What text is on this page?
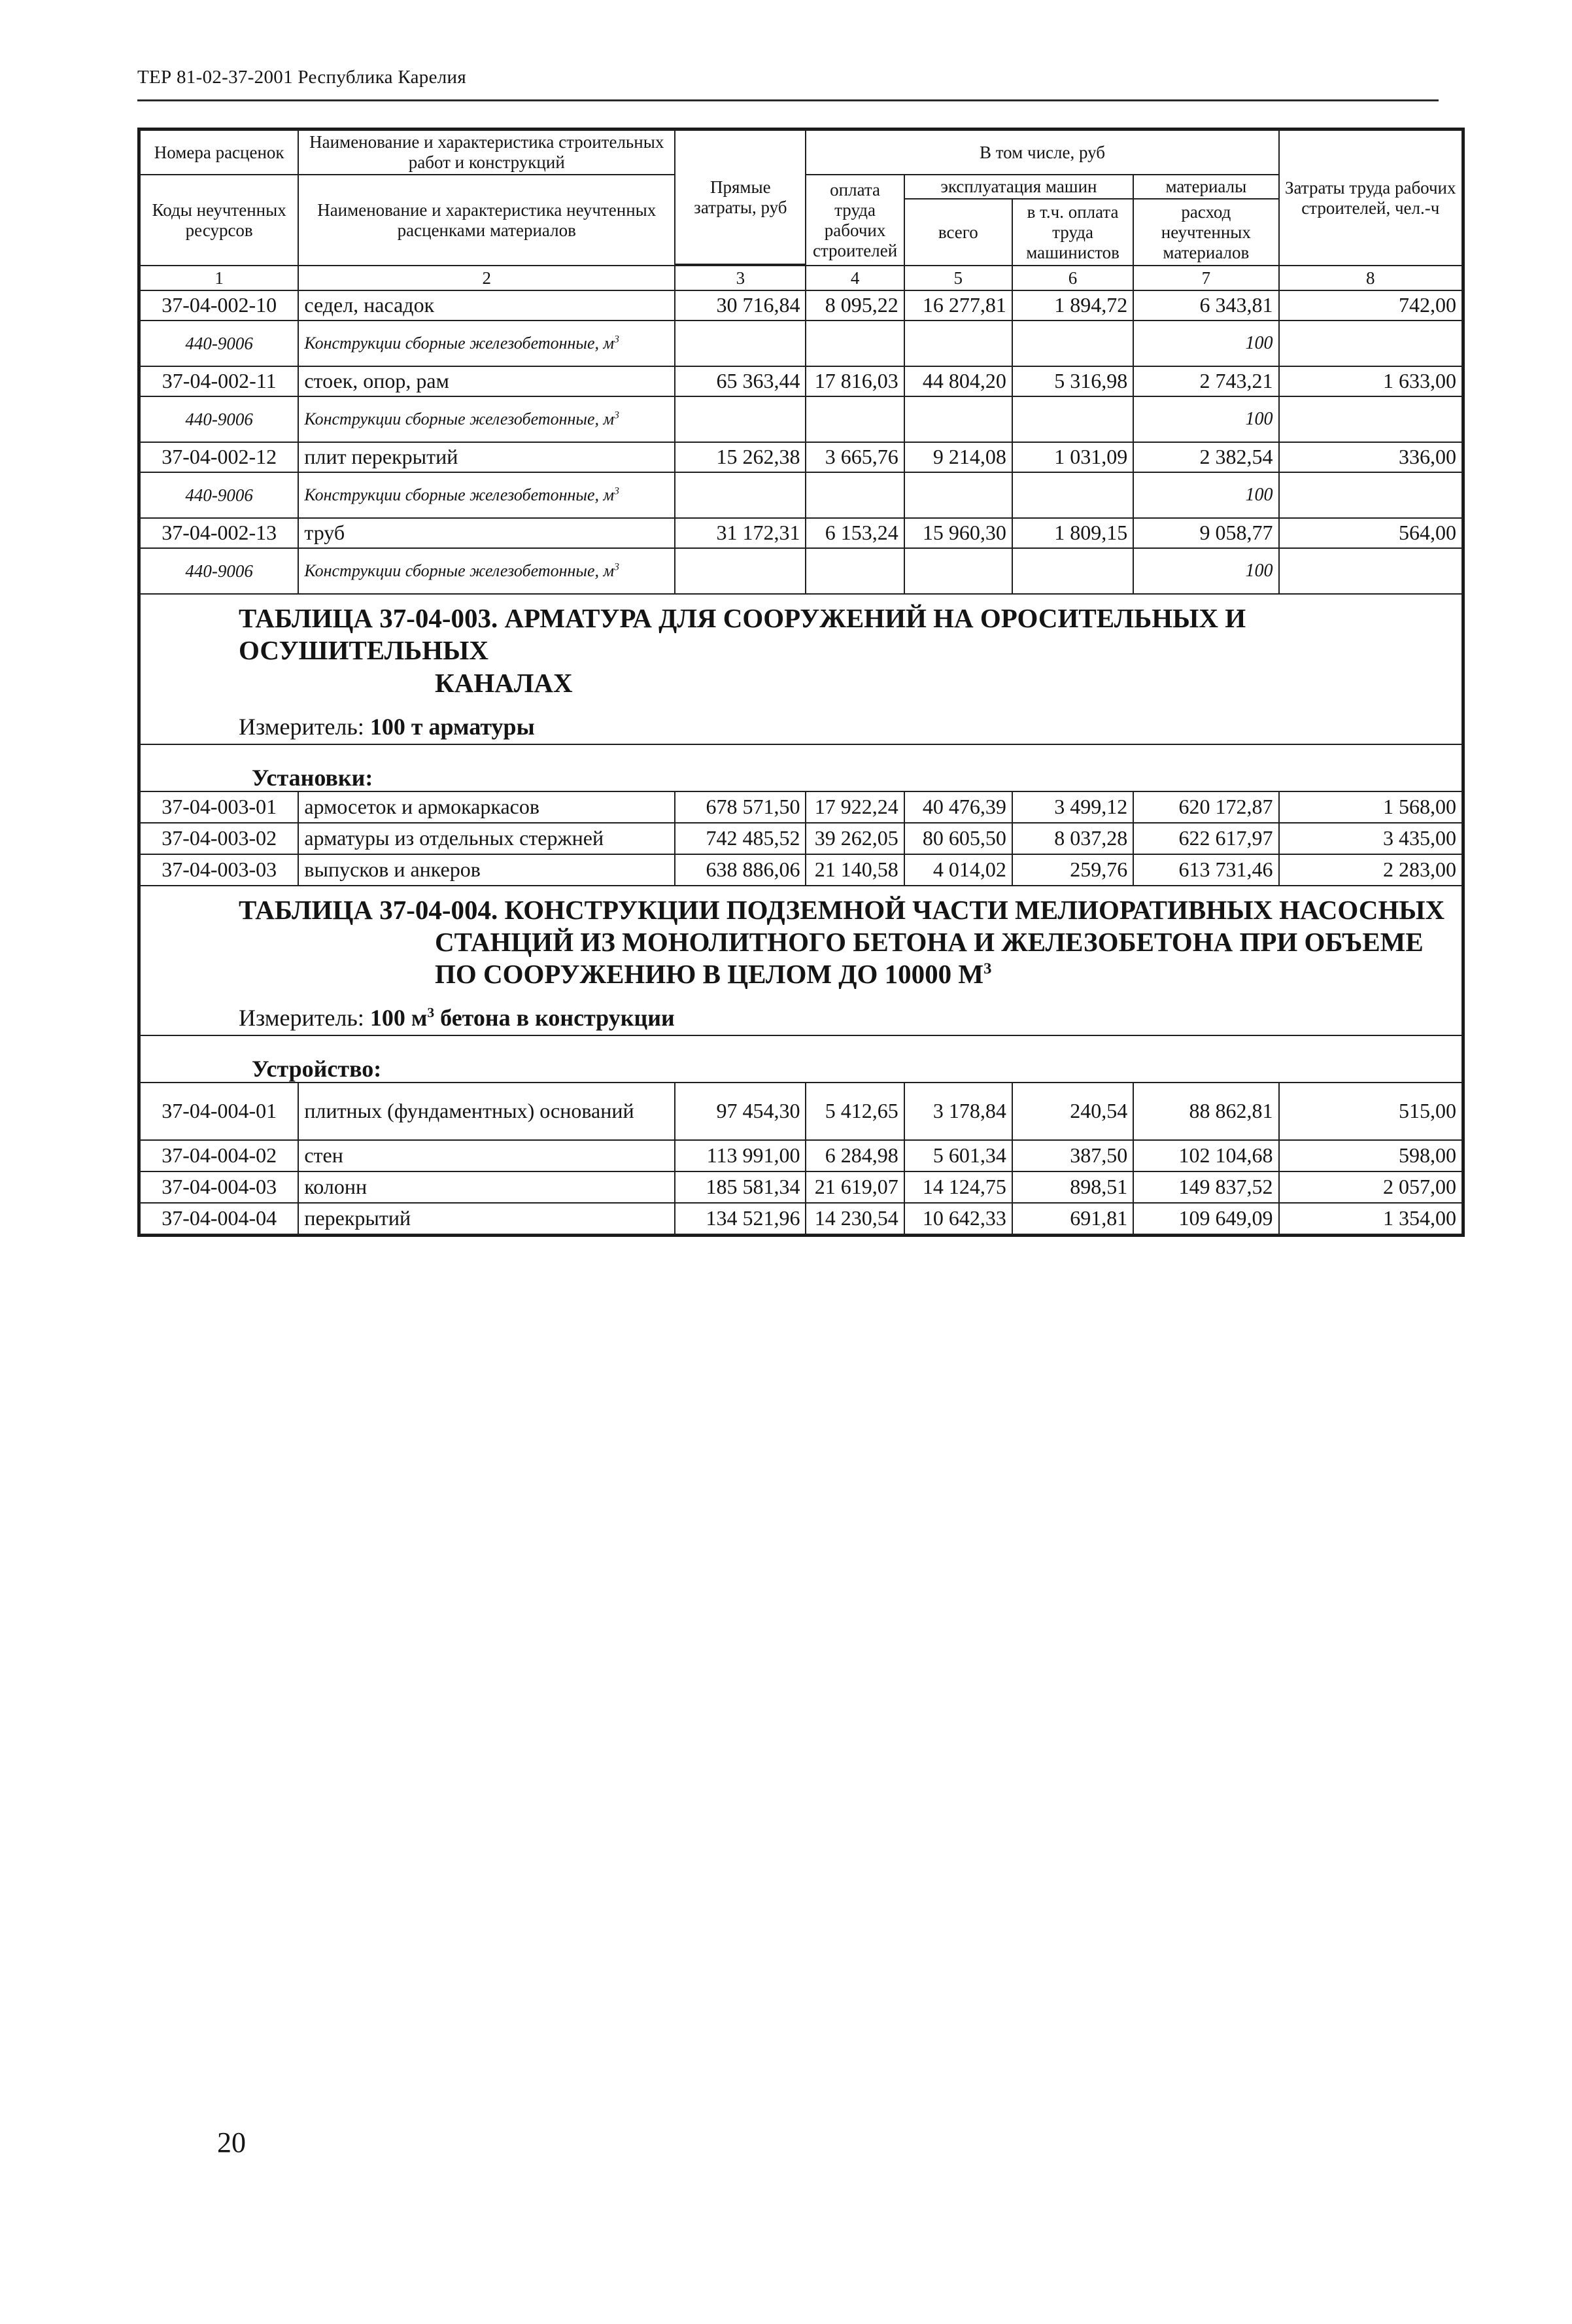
ТЕР 81-02-37-2001 Республика Карелия
Номера расценок	Наименование и характеристика строительных работ и конструкций	Прямые затраты, руб	В том числе, руб				Затраты труда рабочих строителей, чел.-ч
Коды неучтенных ресурсов	Наименование и характеристика неучтенных расценками материалов		оплата труда рабочих строителей	эксплуатация машин		материалы	
				всего	в т.ч. оплата труда машинистов	расход неучтенных материалов	

1	2	3	4	5	6	7	8
37-04-002-10	седел, насадок	30 716,84	8 095,22	16 277,81	1 894,72	6 343,81	742,00
440-9006	Конструкции сборные железобетонные, $м^3$					100	
37-04-002-11	стоек, опор, рам	65 363,44	17 816,03	44 804,20	5 316,98	2 743,21	1 633,00
440-9006	Конструкции сборные железобетонные, $м^3$					100	
37-04-002-12	плит перекрытий	15 262,38	3 665,76	9 214,08	1 031,09	2 382,54	336,00
440-9006	Конструкции сборные железобетонные, $м^3$					100	
37-04-002-13	труб	31 172,31	6 153,24	15 960,30	1 809,15	9 058,77	564,00
440-9006	Конструкции сборные железобетонные, $м^3$					100	
ТАБЛИЦА 37-04-003. АРМАТУРА ДЛЯ СООРУЖЕНИЙ НА ОРОСИТЕЛЬНЫХ И ОСУШИТЕЛЬНЫХ
КАНАЛАХ							

Измеритель: 100 т арматуры							
Установки:							
37-04-003-01	армосеток и армокаркасов	678 571,50	17 922,24	40 476,39	3 499,12	620 172,87	1 568,00
37-04-003-02	арматуры из отдельных стержней	742 485,52	39 262,05	80 605,50	8 037,28	622 617,97	3 435,00
37-04-003-03	выпусков и анкеров	638 886,06	21 140,58	4 014,02	259,76	613 731,46	2 283,00
ТАБЛИЦА 37-04-004. КОНСТРУКЦИИ ПОДЗЕМНОЙ ЧАСТИ МЕЛИОРАТИВНЫХ НАСОСНЫХ
СТАНЦИЙ ИЗ МОНОЛИТНОГО БЕТОНА И ЖЕЛЕЗОБЕТОНА ПРИ ОБЪЕМЕ
ПО СООРУЖЕНИЮ В ЦЕЛОМ ДО 10000 $М^3$

Измеритель: 100 $м^3$ бетона в конструкции							
Устройство:							
37-04-004-01	плитных (фундаментных) оснований	97 454,30	5 412,65	3 178,84	240,54	88 862,81	515,00
37-04-004-02	стен	113 991,00	6 284,98	5 601,34	387,50	102 104,68	598,00
37-04-004-03	колонн	185 581,34	21 619,07	14 124,75	898,51	149 837,52	2 057,00
37-04-004-04	перекрытий	134 521,96	14 230,54	10 642,33	691,81	109 649,09	1 354,00
20
